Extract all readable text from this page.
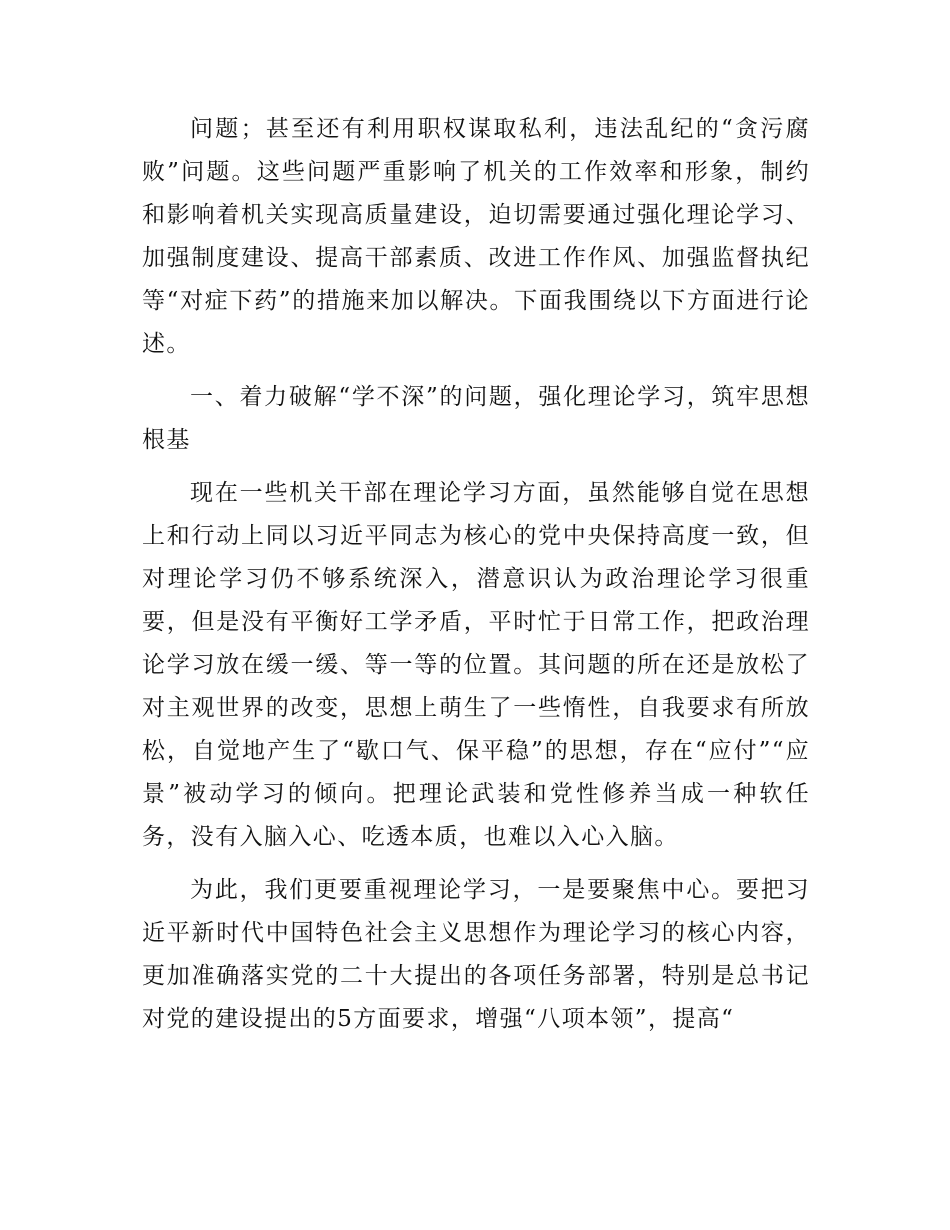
问题；甚至还有利用职权谋取私利，违法乱纪的“贪污腐败”问题。这些问题严重影响了机关的工作效率和形象，制约和影响着机关实现高质量建设，迫切需要通过强化理论学习、加强制度建设、提高干部素质、改进工作作风、加强监督执纪等“对症下药”的措施来加以解决。下面我围绕以下方面进行论述。

一、着力破解“学不深”的问题，强化理论学习，筑牢思想根基

现在一些机关干部在理论学习方面，虽然能够自觉在思想上和行动上同以习近平同志为核心的党中央保持高度一致，但对理论学习仍不够系统深入，潜意识认为政治理论学习很重要，但是没有平衡好工学矛盾，平时忙于日常工作，把政治理论学习放在缓一缓、等一等的位置。其问题的所在还是放松了对主观世界的改变，思想上萌生了一些惰性，自我要求有所放松，自觉地产生了“歇口气、保平稳”的思想，存在“应付”“应景”被动学习的倾向。把理论武装和党性修养当成一种软任务，没有入脑入心、吃透本质，也难以入心入脑。

为此，我们更要重视理论学习，一是要聚焦中心。要把习近平新时代中国特色社会主义思想作为理论学习的核心内容，更加准确落实党的二十大提出的各项任务部署，特别是总书记对党的建设提出的5方面要求，增强“八项本领”，提高“
